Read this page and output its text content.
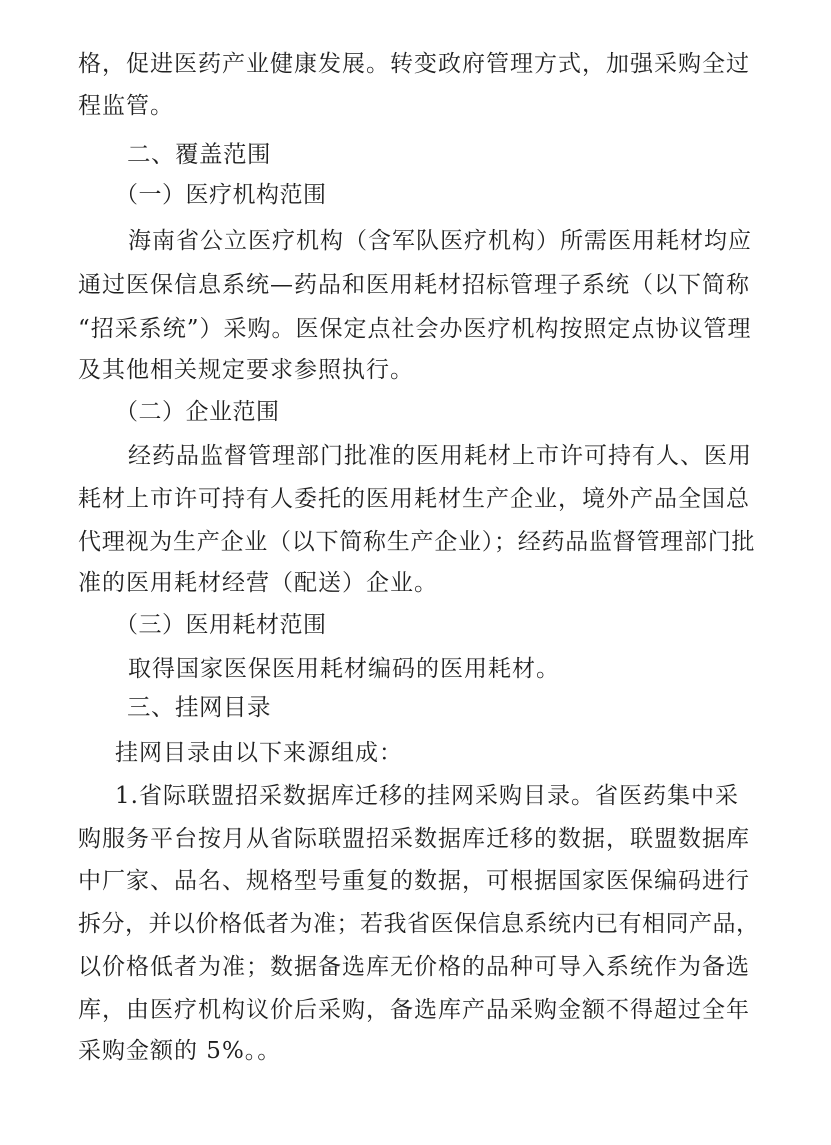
格，促进医药产业健康发展。转变政府管理方式，加强采购全过
程监管。
二、覆盖范围
（一）医疗机构范围
海南省公立医疗机构（含军队医疗机构）所需医用耗材均应
通过医保信息系统—药品和医用耗材招标管理子系统（以下简称
“招采系统”）采购。医保定点社会办医疗机构按照定点协议管理
及其他相关规定要求参照执行。
（二）企业范围
经药品监督管理部门批准的医用耗材上市许可持有人、医用
耗材上市许可持有人委托的医用耗材生产企业，境外产品全国总
代理视为生产企业（以下简称生产企业）；经药品监督管理部门批
准的医用耗材经营（配送）企业。
（三）医用耗材范围
取得国家医保医用耗材编码的医用耗材。
三、挂网目录
挂网目录由以下来源组成：
1.省际联盟招采数据库迁移的挂网采购目录。省医药集中采
购服务平台按月从省际联盟招采数据库迁移的数据，联盟数据库
中厂家、品名、规格型号重复的数据，可根据国家医保编码进行
拆分，并以价格低者为准；若我省医保信息系统内已有相同产品，
以价格低者为准；数据备选库无价格的品种可导入系统作为备选
库，由医疗机构议价后采购，备选库产品采购金额不得超过全年
采购金额的 5%。。
